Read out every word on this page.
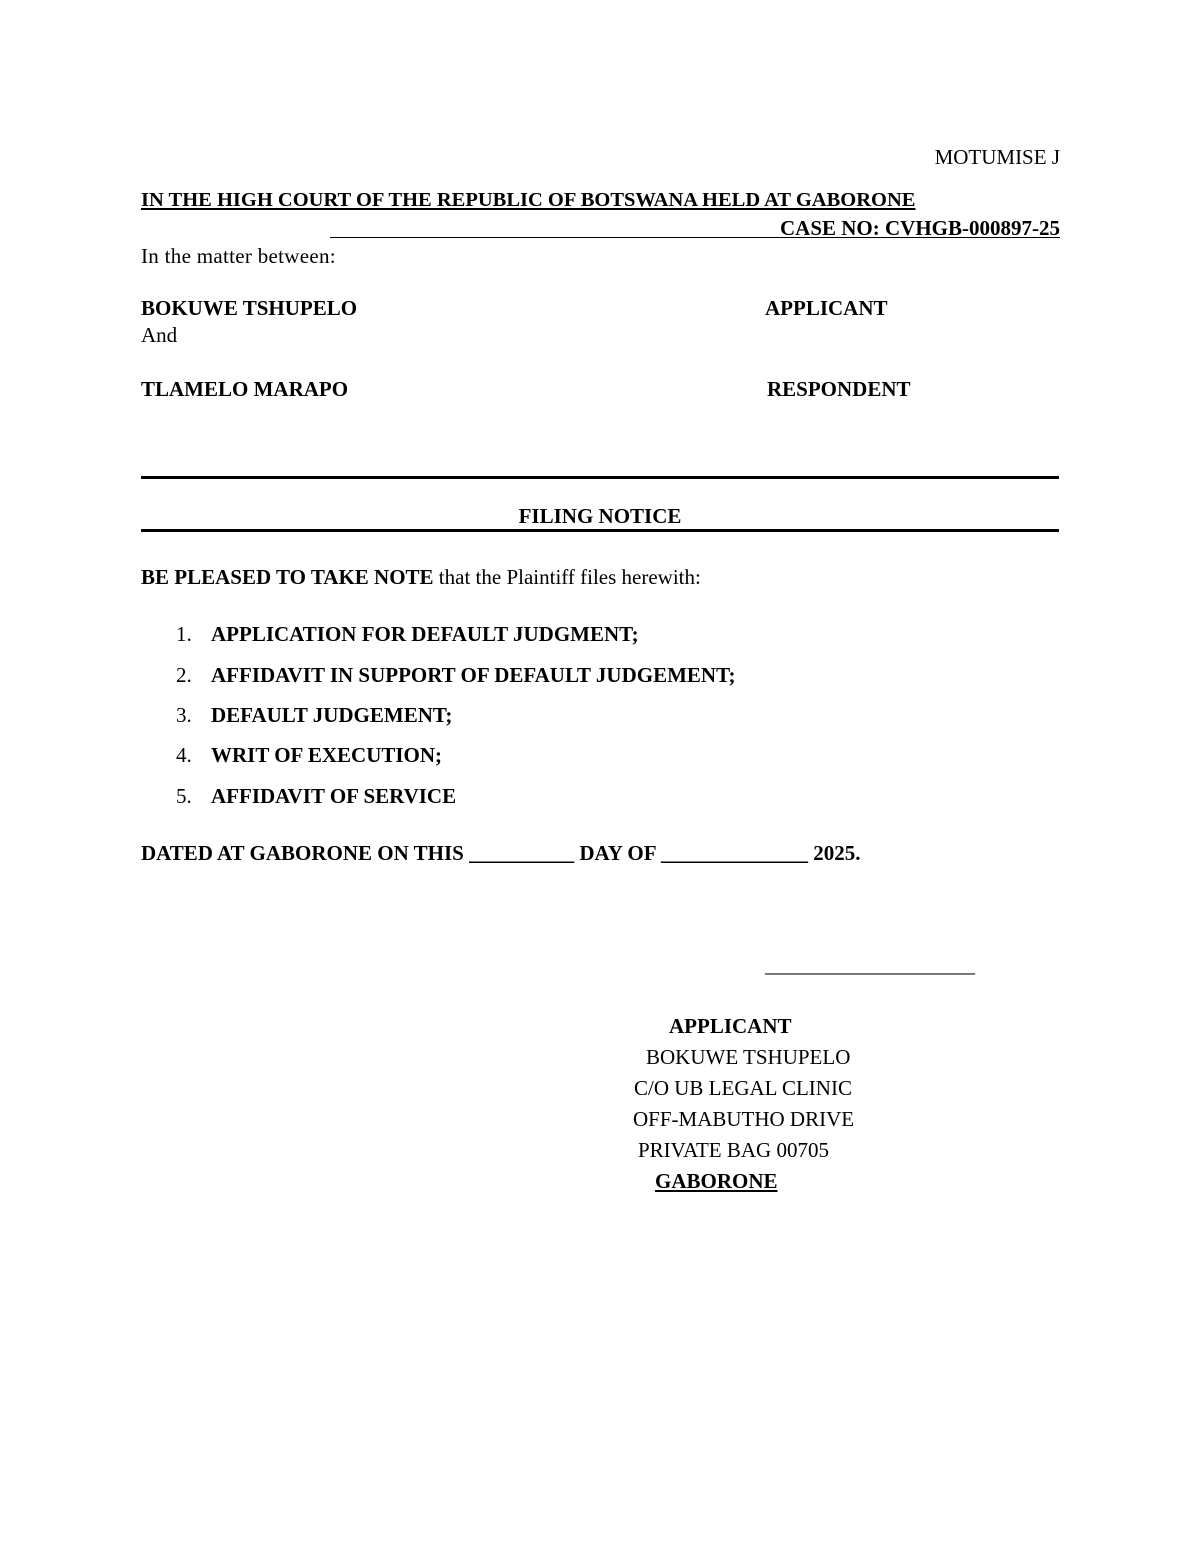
MOTUMISE J
IN THE HIGH COURT OF THE REPUBLIC OF BOTSWANA HELD AT GABORONE
CASE NO: CVHGB-000897-25
In the matter between:
BOKUWE TSHUPELO	APPLICANT
And
TLAMELO MARAPO	RESPONDENT
FILING NOTICE
BE PLEASED TO TAKE NOTE that the Plaintiff files herewith:
1. APPLICATION FOR DEFAULT JUDGMENT;
2. AFFIDAVIT IN SUPPORT OF DEFAULT JUDGEMENT;
3. DEFAULT JUDGEMENT;
4. WRIT OF EXECUTION;
5. AFFIDAVIT OF SERVICE
DATED AT GABORONE ON THIS __________ DAY OF ______________ 2025.
______________________
APPLICANT
BOKUWE TSHUPELO
C/O UB LEGAL CLINIC
OFF-MABUTHO DRIVE
PRIVATE BAG 00705
GABORONE
